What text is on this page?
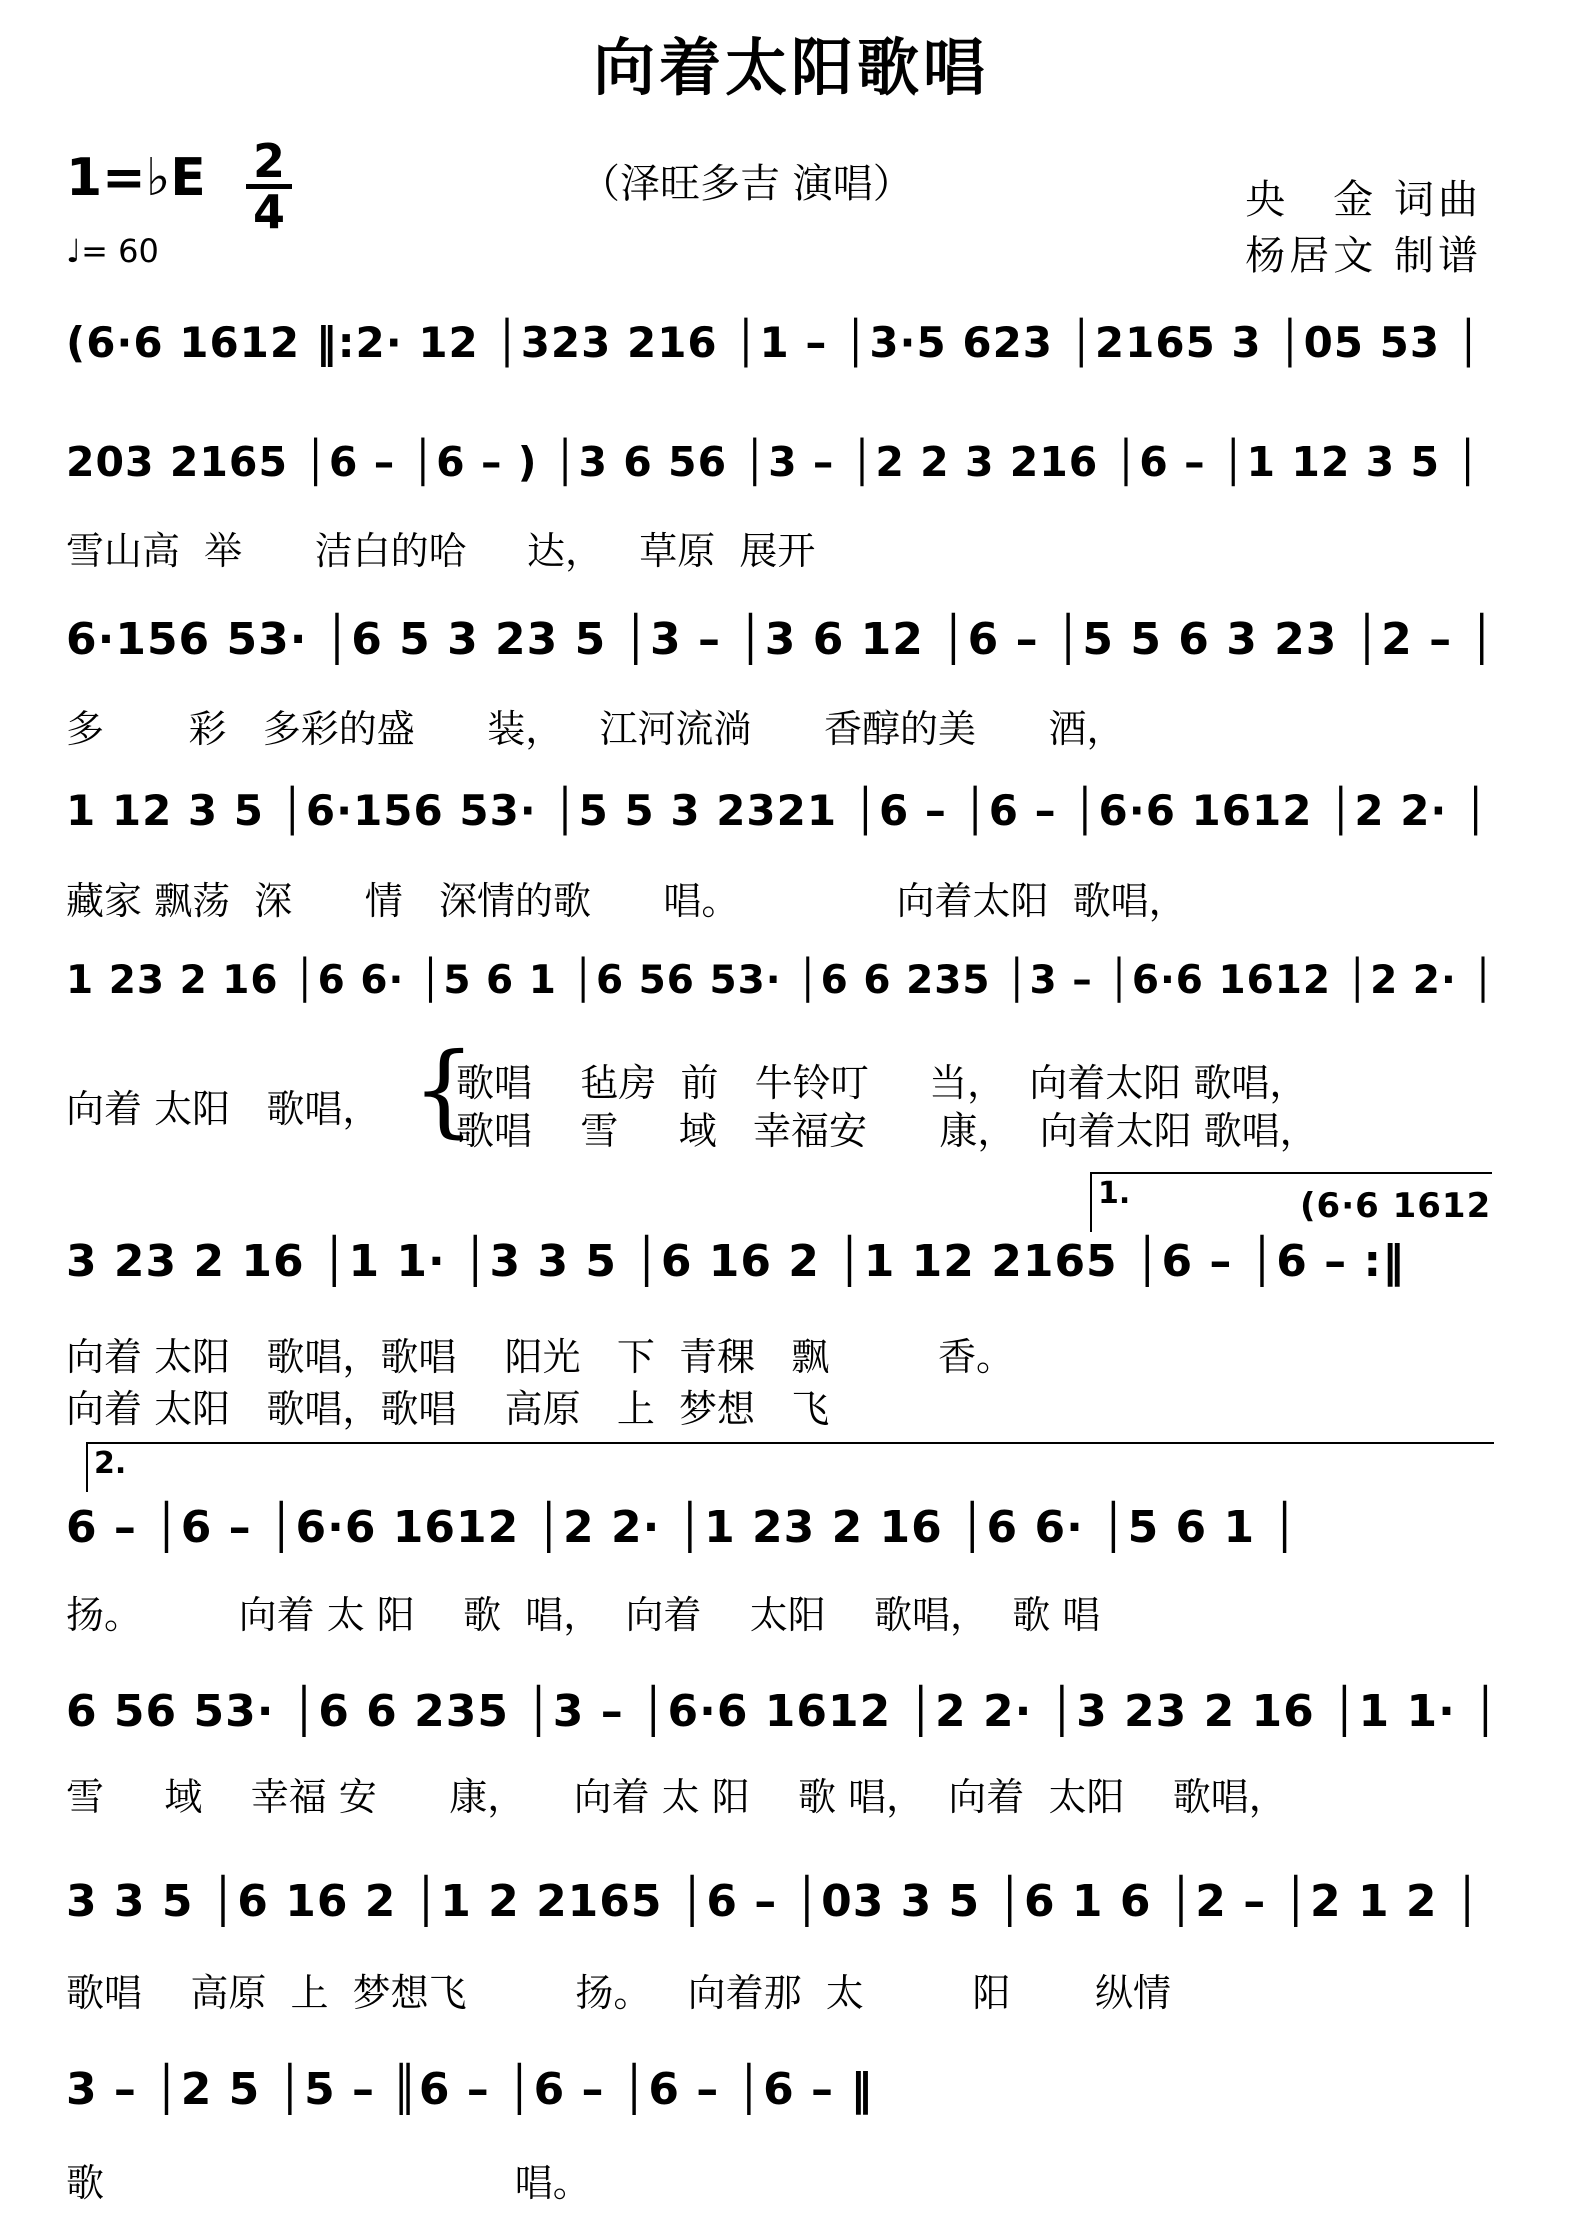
向着太阳歌唱
1=♭E 2
4
♩= 60
（泽旺多吉 演唱）	央　金 词曲
杨居文 制谱
(6·6 1612 ‖:2· 12 │323 216 │1 – │3·5 623 │2165 3 │05 53 │
203 2165 │6 – │6 – ) │3 6 56 │3 – │2 2 3 216 │6 – │1 12 3 5 │
雪山高  举      洁白的哈     达，   草原  展开
6·156 53· │6 5 3 23 5 │3 – │3 6 12 │6 – │5 5 6 3 23 │2 – │
多       彩   多彩的盛      装，   江河流淌      香醇的美      酒，
1 12 3 5 │6·156 53· │5 5 3 2321 │6 – │6 – │6·6 1612 │2 2· │
藏家 飘荡  深      情   深情的歌      唱。             向着太阳  歌唱，
1 23 2 16 │6 6· │5 6 1 │6 56 53· │6 6 235 │3 – │6·6 1612 │2 2· │
向着 太阳   歌唱， {
歌唱    毡房  前   牛铃叮     当，  向着太阳 歌唱，
歌唱    雪     域   幸福安      康，  向着太阳 歌唱，
3 23 2 16 │1 1· │3 3 5 │6 16 2 │1 12 2165 │6 – │6 – :‖
1.	(6·6 1612
向着 太阳   歌唱，歌唱    阳光   下  青稞   飘         香。
向着 太阳   歌唱，歌唱    高原   上  梦想   飞
2.
6 – │6 – │6·6 1612 │2 2· │1 23 2 16 │6 6· │5 6 1 │
扬。        向着 太 阳    歌  唱，  向着    太阳    歌唱，  歌 唱
6 56 53· │6 6 235 │3 – │6·6 1612 │2 2· │3 23 2 16 │1 1· │
雪     域    幸福 安      康，    向着 太 阳    歌 唱，  向着  太阳    歌唱，
3 3 5 │6 16 2 │1 2 2165 │6 – │03 3 5 │6 1 6 │2 – │2 1 2 │
歌唱    高原  上  梦想飞         扬。   向着那  太         阳       纵情
3 – │2 5 │5 – ║6 – │6 – │6 – │6 – ‖
歌                                  唱。
